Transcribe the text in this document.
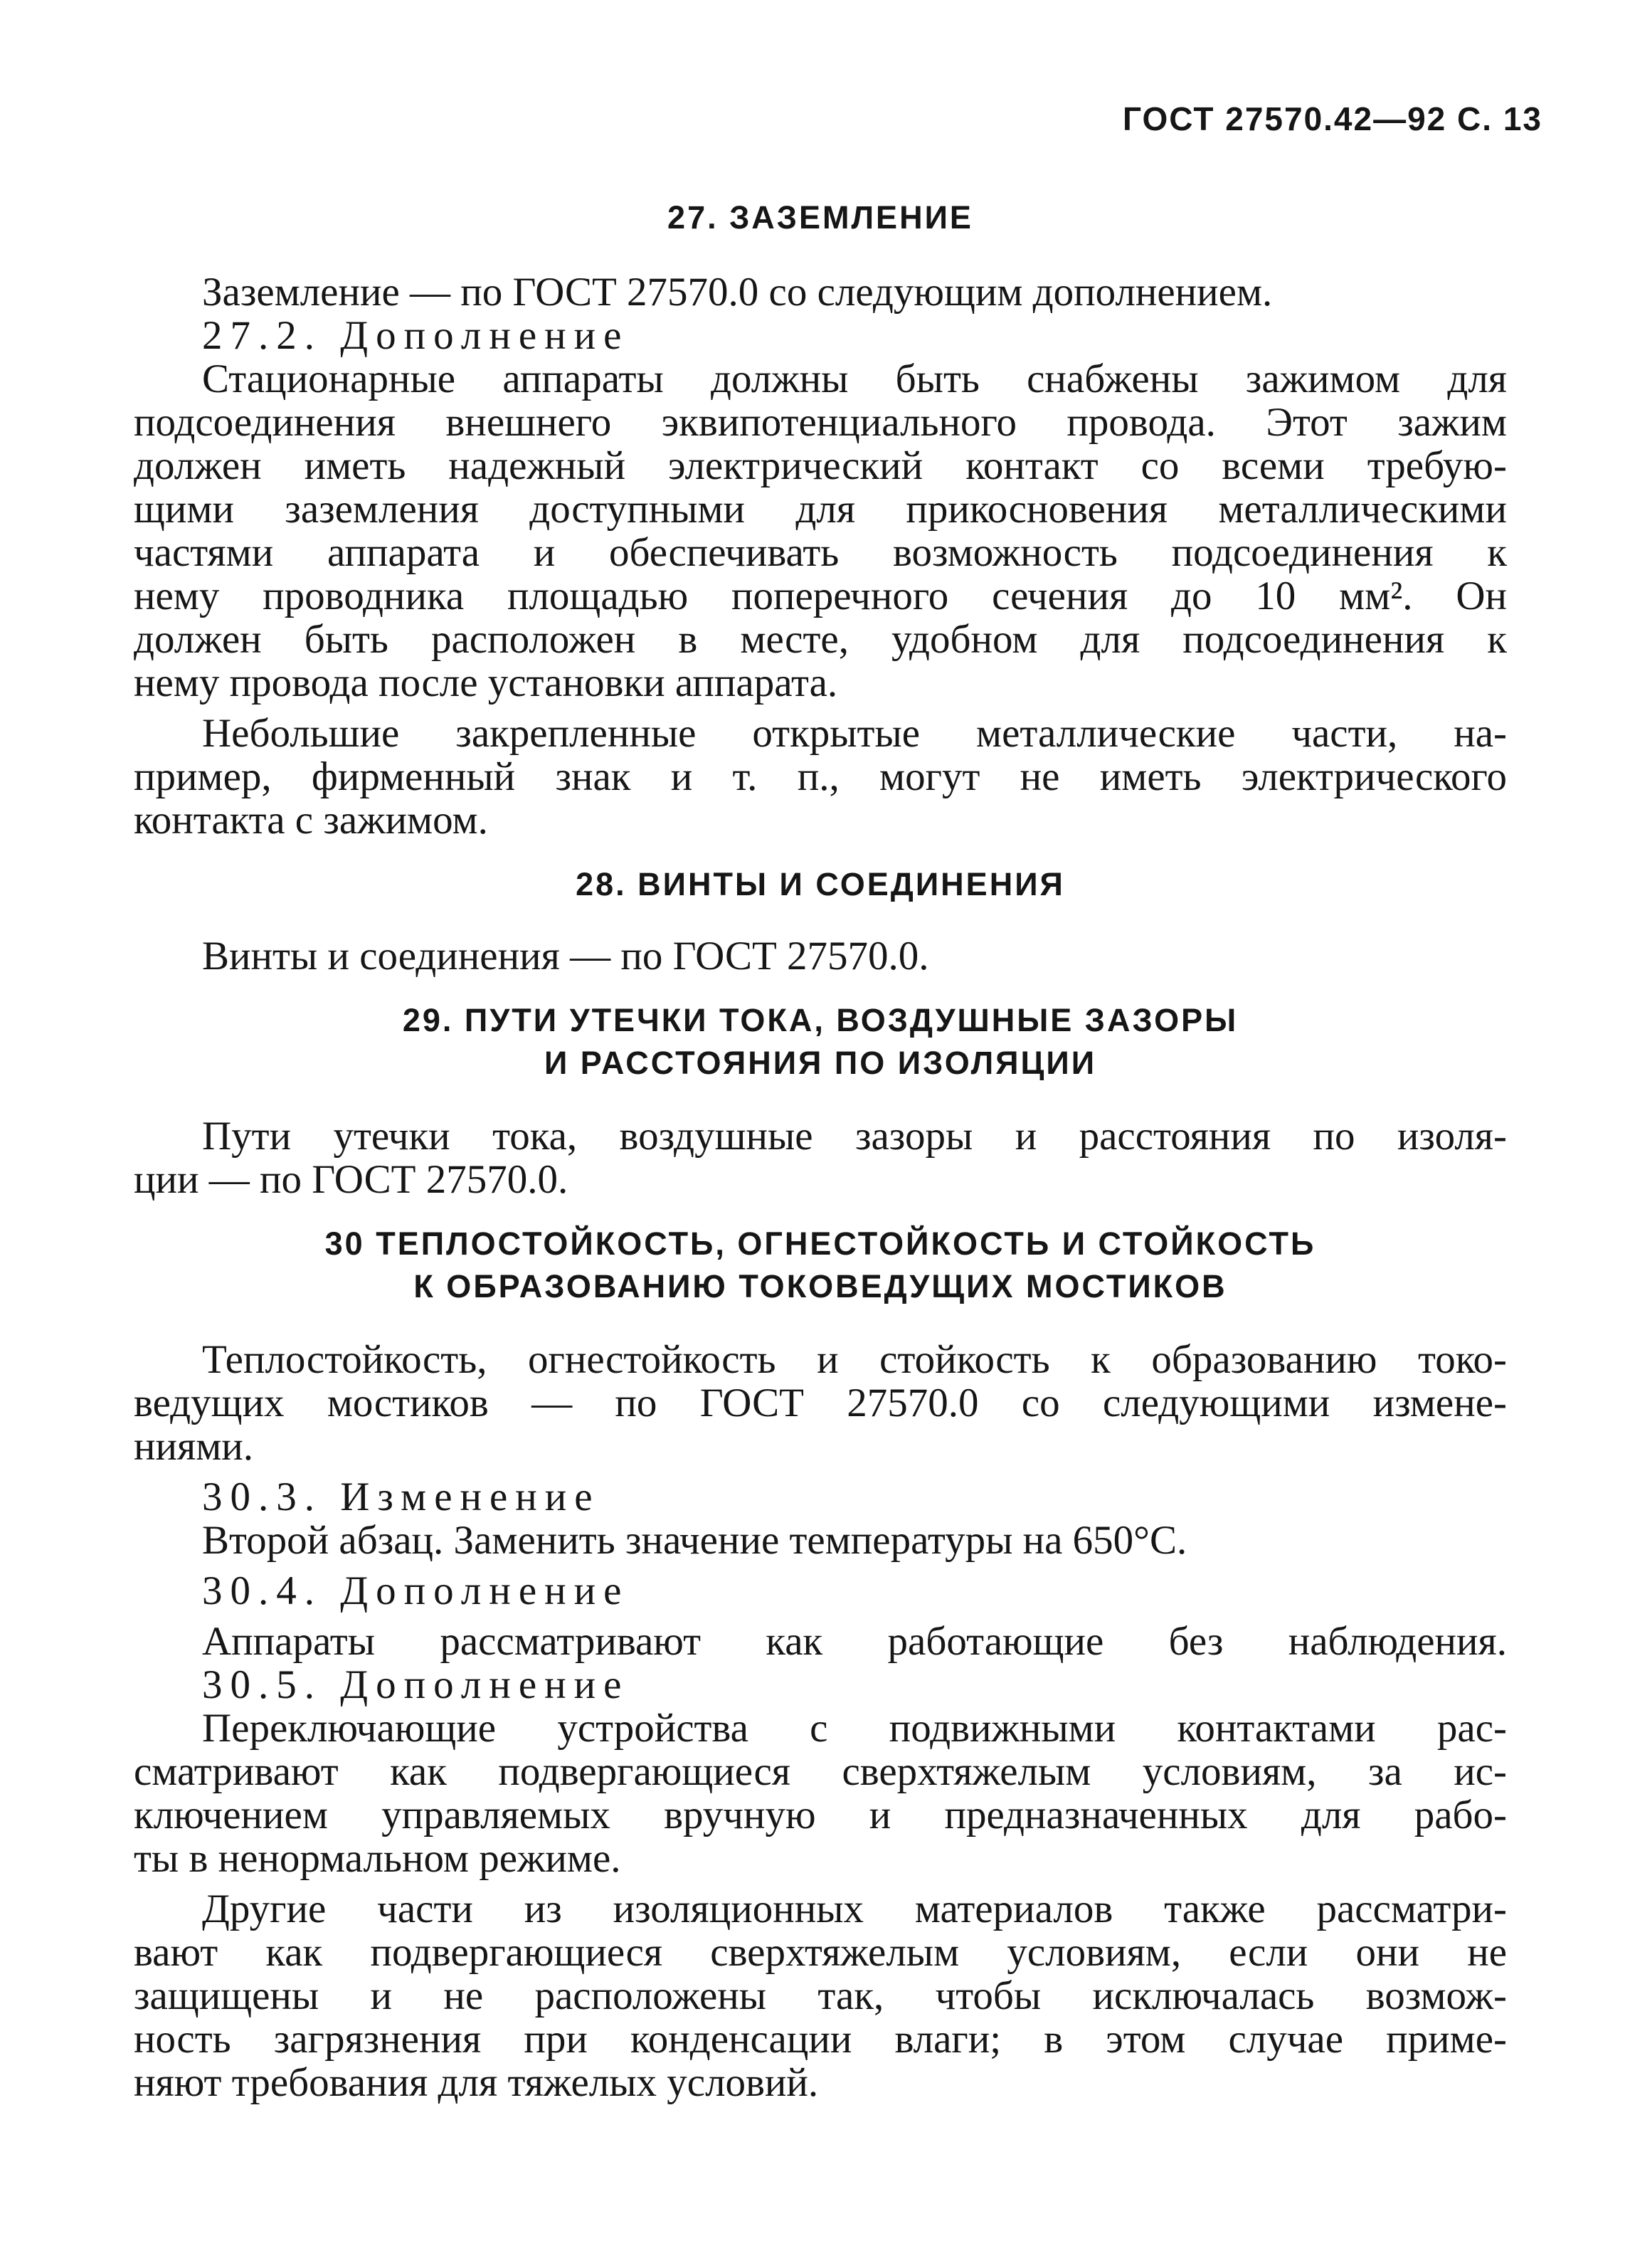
ГОСТ 27570.42—92 С. 13
27. ЗАЗЕМЛЕНИЕ
Заземление — по ГОСТ 27570.0 со следующим дополнением.
27.2. Дополнение
Стационарные аппараты должны быть снабжены зажимом для
подсоединения внешнего эквипотенциального провода. Этот зажим
должен иметь надежный электрический контакт со всеми требую-
щими заземления доступными для прикосновения металлическими
частями аппарата и обеспечивать возможность подсоединения к
нему проводника площадью поперечного сечения до 10 мм². Он
должен быть расположен в месте, удобном для подсоединения к
нему провода после установки аппарата.
Небольшие закрепленные открытые металлические части, на-
пример, фирменный знак и т. п., могут не иметь электрического
контакта с зажимом.
28. ВИНТЫ И СОЕДИНЕНИЯ
Винты и соединения — по ГОСТ 27570.0.
29. ПУТИ УТЕЧКИ ТОКА, ВОЗДУШНЫЕ ЗАЗОРЫ
И РАССТОЯНИЯ ПО ИЗОЛЯЦИИ
Пути утечки тока, воздушные зазоры и расстояния по изоля-
ции — по ГОСТ 27570.0.
30 ТЕПЛОСТОЙКОСТЬ, ОГНЕСТОЙКОСТЬ И СТОЙКОСТЬ
К ОБРАЗОВАНИЮ ТОКОВЕДУЩИХ МОСТИКОВ
Теплостойкость, огнестойкость и стойкость к образованию токо-
ведущих мостиков — по ГОСТ 27570.0 со следующими измене-
ниями.
30.3. Изменение
Второй абзац. Заменить значение температуры на 650°С.
30.4. Дополнение
Аппараты рассматривают как работающие без наблюдения.
30.5. Дополнение
Переключающие устройства с подвижными контактами рас-
сматривают как подвергающиеся сверхтяжелым условиям, за ис-
ключением управляемых вручную и предназначенных для рабо-
ты в ненормальном режиме.
Другие части из изоляционных материалов также рассматри-
вают как подвергающиеся сверхтяжелым условиям, если они не
защищены и не расположены так, чтобы исключалась возмож-
ность загрязнения при конденсации влаги; в этом случае приме-
няют требования для тяжелых условий.
